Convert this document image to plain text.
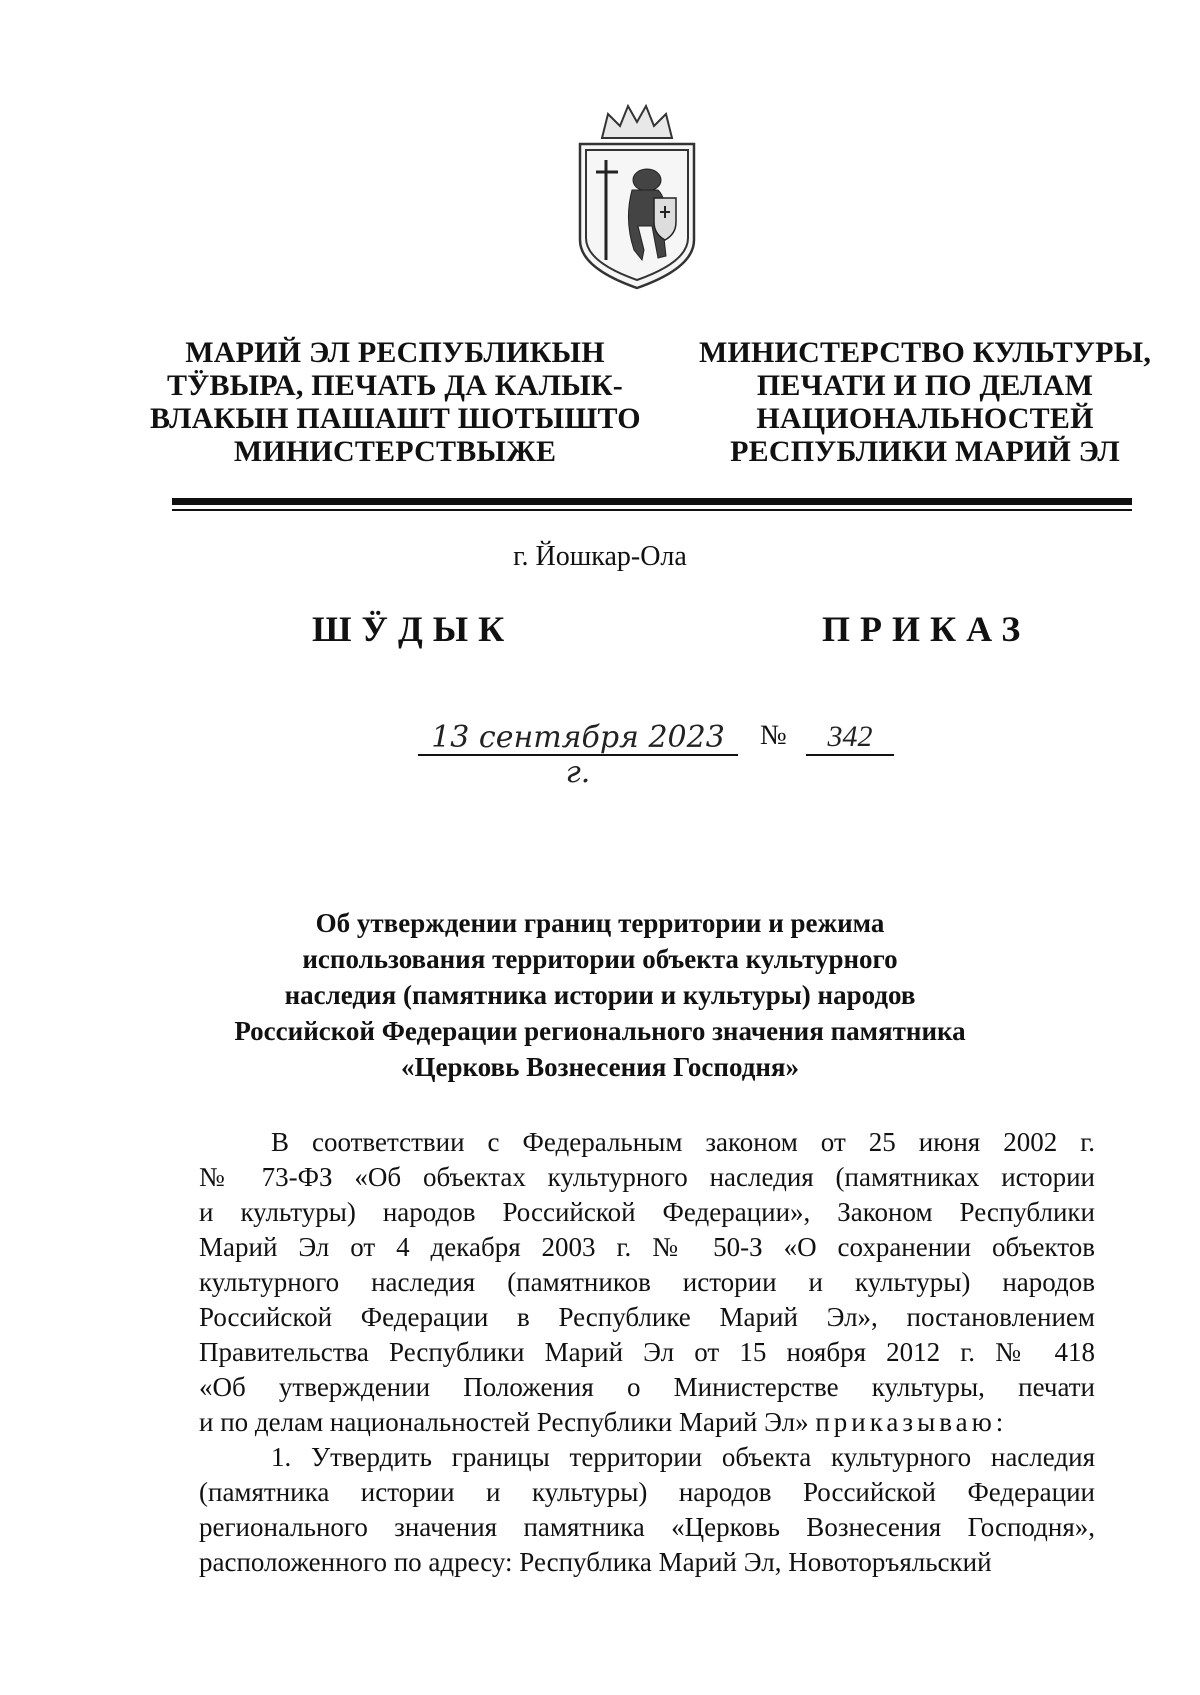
МАРИЙ ЭЛ РЕСПУБЛИКЫН
ТӰВЫРА, ПЕЧАТЬ ДА КАЛЫК-
ВЛАКЫН ПАШАШТ ШОТЫШТО
МИНИСТЕРСТВЫЖЕ
МИНИСТЕРСТВО КУЛЬТУРЫ,
ПЕЧАТИ И ПО ДЕЛАМ
НАЦИОНАЛЬНОСТЕЙ
РЕСПУБЛИКИ МАРИЙ ЭЛ
г. Йошкар-Ола
ШӰДЫК	ПРИКАЗ
13 сентября 2023 г.
№	342
Об утверждении границ территории и режима
использования территории объекта культурного
наследия (памятника истории и культуры) народов
Российской Федерации регионального значения памятника
«Церковь Вознесения Господня»
В соответствии с Федеральным законом от 25 июня 2002 г.
№ 73-ФЗ «Об объектах культурного наследия (памятниках истории
и культуры) народов Российской Федерации», Законом Республики
Марий Эл от 4 декабря 2003 г. № 50-З «О сохранении объектов
культурного наследия (памятников истории и культуры) народов
Российской Федерации в Республике Марий Эл», постановлением
Правительства Республики Марий Эл от 15 ноября 2012 г. № 418
«Об утверждении Положения о Министерстве культуры, печати
и по делам национальностей Республики Марий Эл» приказываю:
1. Утвердить границы территории объекта культурного наследия
(памятника истории и культуры) народов Российской Федерации
регионального значения памятника «Церковь Вознесения Господня»,
расположенного по адресу: Республика Марий Эл, Новоторъяльский
